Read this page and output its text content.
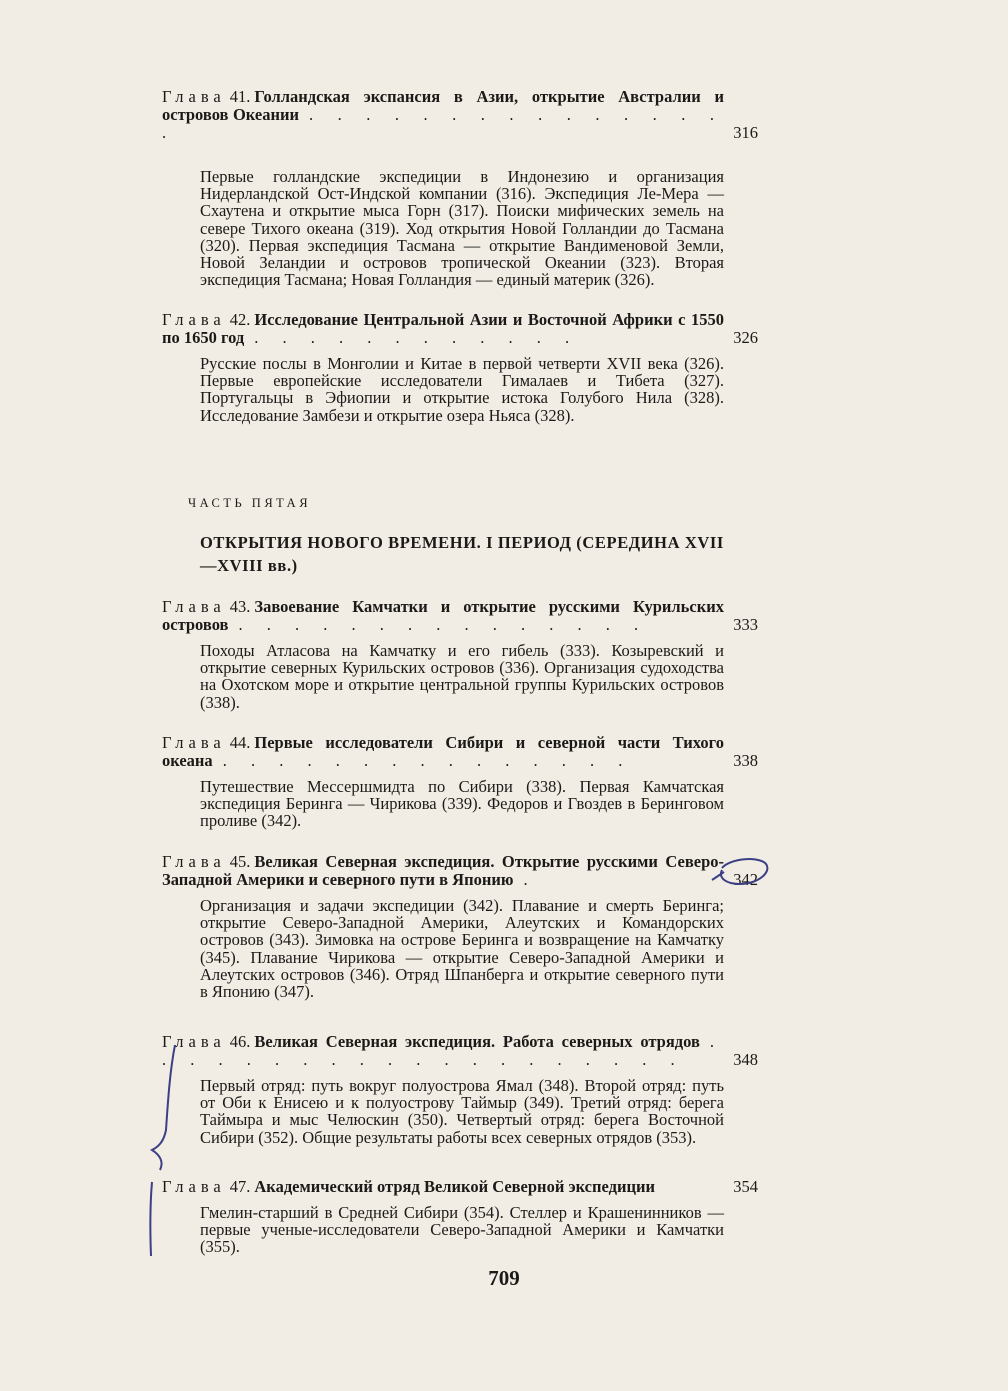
Глава 41. Голландская экспансия в Азии, открытие Австралии и островов Океании . . . . . . . . . . . . . . . .	316
Первые голландские экспедиции в Индонезию и организация Нидерландской Ост-Индской компании (316). Экспедиция Ле-Мера — Схаутена и открытие мыса Горн (317). Поиски мифических земель на севере Тихого океана (319). Ход открытия Новой Голландии до Тасмана (320). Первая экспедиция Тасмана — открытие Вандименовой Земли, Новой Зеландии и островов тропической Океании (323). Вторая экспедиция Тасмана; Новая Голландия — единый материк (326).
Глава 42. Исследование Центральной Азии и Восточной Африки с 1550 по 1650 год . . . . . . . . . . . .	326
Русские послы в Монголии и Китае в первой четверти XVII века (326). Первые европейские исследователи Гималаев и Тибета (327). Португальцы в Эфиопии и открытие истока Голубого Нила (328). Исследование Замбези и открытие озера Ньяса (328).
ЧАСТЬ ПЯТАЯ
ОТКРЫТИЯ НОВОГО ВРЕМЕНИ. I ПЕРИОД (СЕРЕДИНА XVII—XVIII вв.)
Глава 43. Завоевание Камчатки и открытие русскими Курильских островов . . . . . . . . . . . . . . .	333
Походы Атласова на Камчатку и его гибель (333). Козыревский и открытие северных Курильских островов (336). Организация судоходства на Охотском море и открытие центральной группы Курильских островов (338).
Глава 44. Первые исследователи Сибири и северной части Тихого океана . . . . . . . . . . . . . . .	338
Путешествие Мессершмидта по Сибири (338). Первая Камчатская экспедиция Беринга — Чирикова (339). Федоров и Гвоздев в Беринговом проливе (342).
Глава 45. Великая Северная экспедиция. Открытие русскими Северо-Западной Америки и северного пути в Японию .	342
Организация и задачи экспедиции (342). Плавание и смерть Беринга; открытие Северо-Западной Америки, Алеутских и Командорских островов (343). Зимовка на острове Беринга и возвращение на Камчатку (345). Плавание Чирикова — открытие Северо-Западной Америки и Алеутских островов (346). Отряд Шпанберга и открытие северного пути в Японию (347).
Глава 46. Великая Северная экспедиция. Работа северных отрядов . . . . . . . . . . . . . . . . . . . .	348
Первый отряд: путь вокруг полуострова Ямал (348). Второй отряд: путь от Оби к Енисею и к полуострову Таймыр (349). Третий отряд: берега Таймыра и мыс Челюскин (350). Четвертый отряд: берега Восточной Сибири (352). Общие результаты работы всех северных отрядов (353).
Глава 47. Академический отряд Великой Северной экспедиции	354
Гмелин-старший в Средней Сибири (354). Стеллер и Крашенинников — первые ученые-исследователи Северо-Западной Америки и Камчатки (355).
709
